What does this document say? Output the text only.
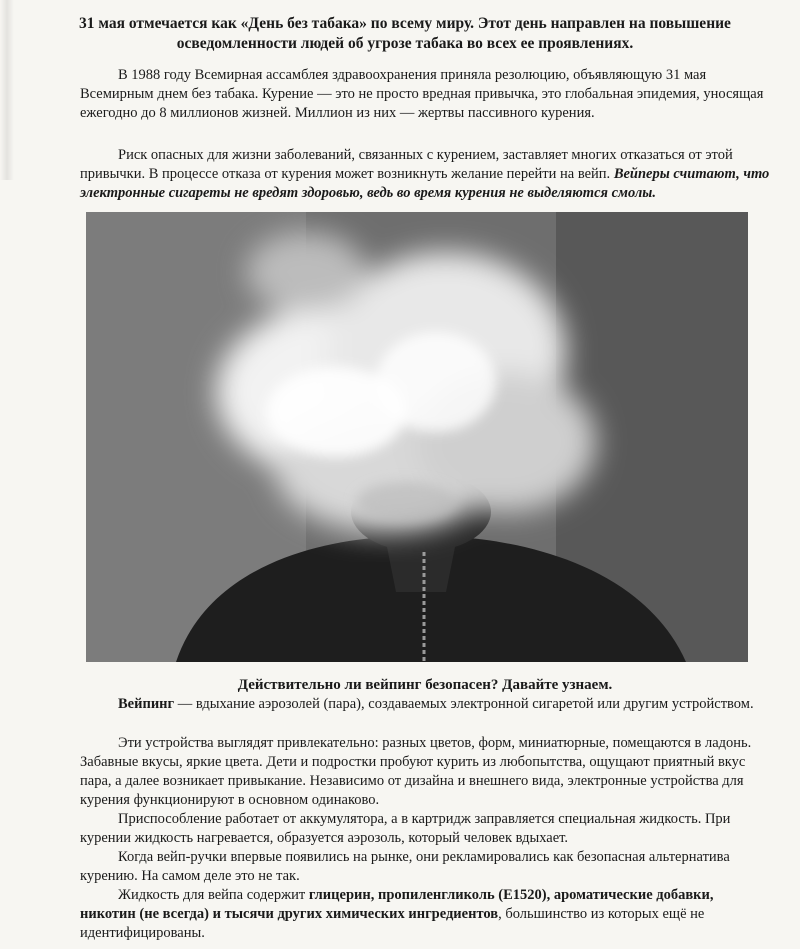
31 мая отмечается как «День без табака» по всему миру. Этот день направлен на повышение осведомленности людей об угрозе табака во всех ее проявлениях.
В 1988 году Всемирная ассамблея здравоохранения приняла резолюцию, объявляющую 31 мая Всемирным днем без табака. Курение — это не просто вредная привычка, это глобальная эпидемия, уносящая ежегодно до 8 миллионов жизней. Миллион из них — жертвы пассивного курения.
Риск опасных для жизни заболеваний, связанных с курением, заставляет многих отказаться от этой привычки. В процессе отказа от курения может возникнуть желание перейти на вейп. Вейперы считают, что электронные сигареты не вредят здоровью, ведь во время курения не выделяются смолы.
Действительно ли вейпинг безопасен? Давайте узнаем.
Вейпинг — вдыхание аэрозолей (пара), создаваемых электронной сигаретой или другим устройством.
Эти устройства выглядят привлекательно: разных цветов, форм, миниатюрные, помещаются в ладонь. Забавные вкусы, яркие цвета. Дети и подростки пробуют курить из любопытства, ощущают приятный вкус пара, а далее возникает привыкание. Независимо от дизайна и внешнего вида, электронные устройства для курения функционируют в основном одинаково.
Приспособление работает от аккумулятора, а в картридж заправляется специальная жидкость. При курении жидкость нагревается, образуется аэрозоль, который человек вдыхает.
Когда вейп-ручки впервые появились на рынке, они рекламировались как безопасная альтернатива курению. На самом деле это не так.
Жидкость для вейпа содержит глицерин, пропиленгликоль (Е1520), ароматические добавки, никотин (не всегда) и тысячи других химических ингредиентов, большинство из которых ещё не идентифицированы.
